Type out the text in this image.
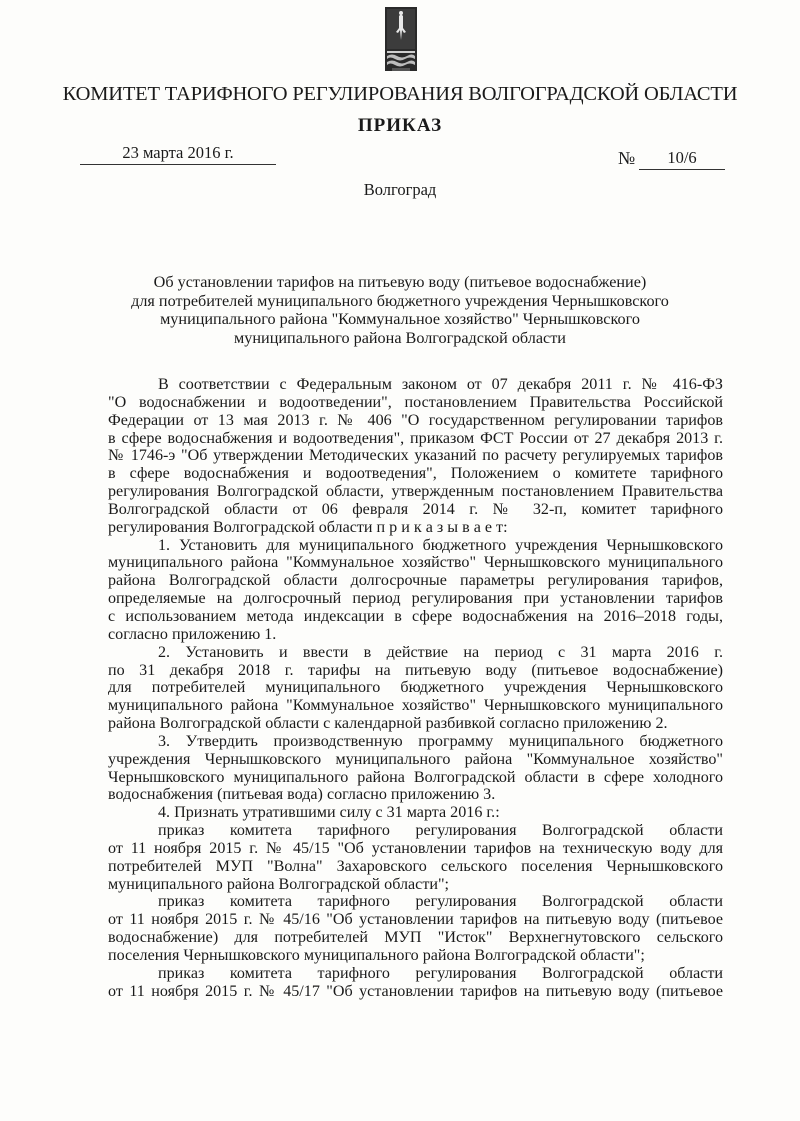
КОМИТЕТ ТАРИФНОГО РЕГУЛИРОВАНИЯ ВОЛГОГРАДСКОЙ ОБЛАСТИ
ПРИКАЗ
23 марта 2016 г.	№	10/6
Волгоград
Об установлении тарифов на питьевую воду (питьевое водоснабжение)
для потребителей муниципального бюджетного учреждения Чернышковского
муниципального района "Коммунальное хозяйство" Чернышковского
муниципального района Волгоградской области
В соответствии с Федеральным законом от 07 декабря 2011 г. № 416-ФЗ
"О водоснабжении и водоотведении", постановлением Правительства Российской
Федерации от 13 мая 2013 г. № 406 "О государственном регулировании тарифов
в сфере водоснабжения и водоотведения", приказом ФСТ России от 27 декабря 2013 г.
№ 1746-э "Об утверждении Методических указаний по расчету регулируемых тарифов
в сфере водоснабжения и водоотведения", Положением о комитете тарифного
регулирования Волгоградской области, утвержденным постановлением Правительства
Волгоградской области от 06 февраля 2014 г. № 32-п, комитет тарифного
регулирования Волгоградской области п р и к а з ы в а е т:
1. Установить для муниципального бюджетного учреждения Чернышковского
муниципального района "Коммунальное хозяйство" Чернышковского муниципального
района Волгоградской области долгосрочные параметры регулирования тарифов,
определяемые на долгосрочный период регулирования при установлении тарифов
с использованием метода индексации в сфере водоснабжения на 2016–2018 годы,
согласно приложению 1.
2. Установить и ввести в действие на период с 31 марта 2016 г.
по 31 декабря 2018 г. тарифы на питьевую воду (питьевое водоснабжение)
для потребителей муниципального бюджетного учреждения Чернышковского
муниципального района "Коммунальное хозяйство" Чернышковского муниципального
района Волгоградской области с календарной разбивкой согласно приложению 2.
3. Утвердить производственную программу муниципального бюджетного
учреждения Чернышковского муниципального района "Коммунальное хозяйство"
Чернышковского муниципального района Волгоградской области в сфере холодного
водоснабжения (питьевая вода) согласно приложению 3.
4. Признать утратившими силу с 31 марта 2016 г.:
приказ комитета тарифного регулирования Волгоградской области
от 11 ноября 2015 г. № 45/15 "Об установлении тарифов на техническую воду для
потребителей МУП "Волна" Захаровского сельского поселения Чернышковского
муниципального района Волгоградской области";
приказ комитета тарифного регулирования Волгоградской области
от 11 ноября 2015 г. № 45/16 "Об установлении тарифов на питьевую воду (питьевое
водоснабжение) для потребителей МУП "Исток" Верхнегнутовского сельского
поселения Чернышковского муниципального района Волгоградской области";
приказ комитета тарифного регулирования Волгоградской области
от 11 ноября 2015 г. № 45/17 "Об установлении тарифов на питьевую воду (питьевое
